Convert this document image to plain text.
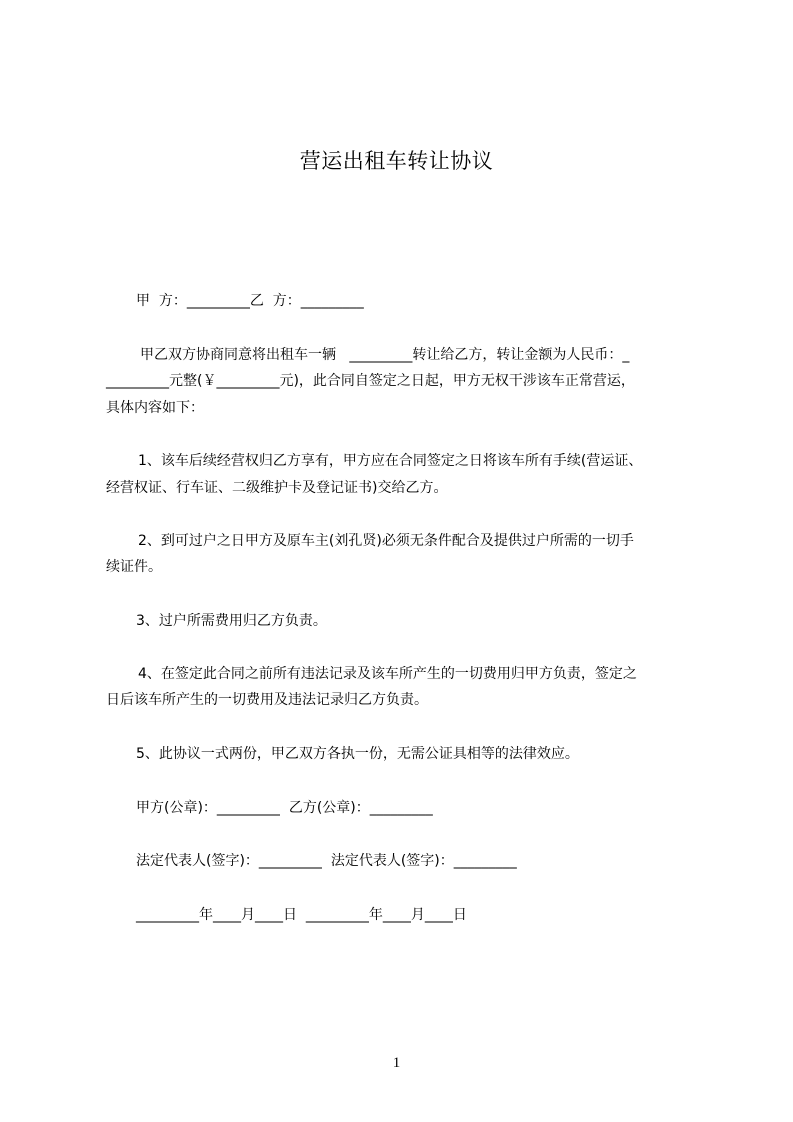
营运出租车转让协议
甲  方：_________乙  方：_________
甲乙双方协商同意将出租车一辆   _________转让给乙方，转让金额为人民币：_
_________元整(￥_________元)，此合同自签定之日起，甲方无权干涉该车正常营运，
具体内容如下：
1、该车后续经营权归乙方享有，甲方应在合同签定之日将该车所有手续(营运证、
经营权证、行车证、二级维护卡及登记证书)交给乙方。
2、到可过户之日甲方及原车主(刘孔贤)必须无条件配合及提供过户所需的一切手
续证件。
3、过户所需费用归乙方负责。
4、在签定此合同之前所有违法记录及该车所产生的一切费用归甲方负责，签定之
日后该车所产生的一切费用及违法记录归乙方负责。
5、此协议一式两份，甲乙双方各执一份，无需公证具相等的法律效应。
甲方(公章)：_________  乙方(公章)：_________
法定代表人(签字)：_________  法定代表人(签字)：_________
_________年____月____日  _________年____月____日
1
